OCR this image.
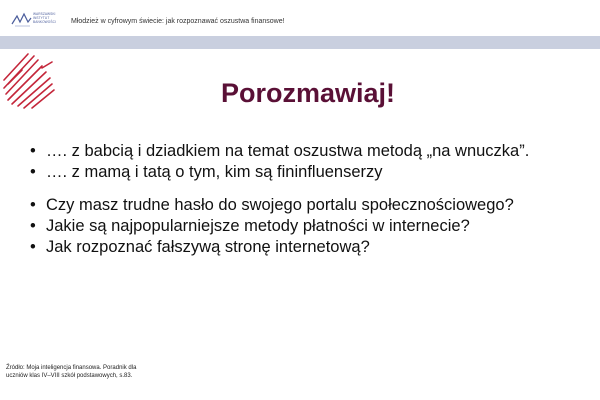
WARSZAWSKI
INSTYTUT
BANKOWOŚCI	Młodzież w cyfrowym świecie: jak rozpoznawać oszustwa finansowe!
Porozmawiaj!
• …. z babcią i dziadkiem na temat oszustwa metodą „na wnuczka”.
• …. z mamą i tatą o tym, kim są fininfluenserzy
• Czy masz trudne hasło do swojego portalu społecznościowego?
• Jakie są najpopularniejsze metody płatności w internecie?
• Jak rozpoznać fałszywą stronę internetową?
Źródło: Moja inteligencja finansowa. Poradnik dla
uczniów klas IV–VIII szkół podstawowych, s.83.
